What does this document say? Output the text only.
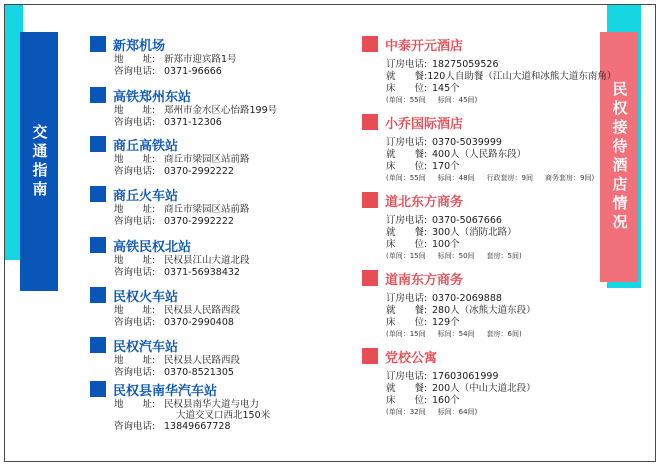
交通指南	民权接待酒店情况
新郑机场
地　　址: 新郑市迎宾路1号
咨询电话: 0371-96666
高铁郑州东站
地　　址: 郑州市金水区心怡路199号
咨询电话: 0371-12306
商丘高铁站
地　　址: 商丘市梁园区站前路
咨询电话: 0370-2992222
商丘火车站
地　　址: 商丘市梁园区站前路
咨询电话: 0370-2992222
高铁民权北站
地　　址: 民权县江山大道北段
咨询电话: 0371-56938432
民权火车站
地　　址: 民权县人民路西段
咨询电话: 0370-2990408
民权汽车站
地　　址: 民权县人民路西段
咨询电话: 0370-8521305
民权县南华汽车站
地　　址: 民权县南华大道与电力
大道交叉口西北150米
咨询电话: 13849667728
中泰开元酒店
订房电话: 18275059526
就　　餐: 120人自助餐（江山大道和冰熊大道东南角）
床　　位: 145个
(单间：55间 标间：45间)
小乔国际酒店
订房电话: 0370-5039999
就　　餐: 400人（人民路东段）
床　　位: 170个
(单间：55间 标间：48间 行政套房：9间 商务套房：9间)
道北东方商务
订房电话: 0370-5067666
就　　餐: 300人（消防北路）
床　　位: 100个
(单间：15间 标间：50间 套房：5间)
道南东方商务
订房电话: 0370-2069888
就　　餐: 280人（冰熊大道东段）
床　　位: 129个
(单间：15间 标间：54间 套房：6间)
党校公寓
订房电话: 17603061999
就　　餐: 200人（中山大道北段）
床　　位: 160个
(单间：32间 标间：64间)
